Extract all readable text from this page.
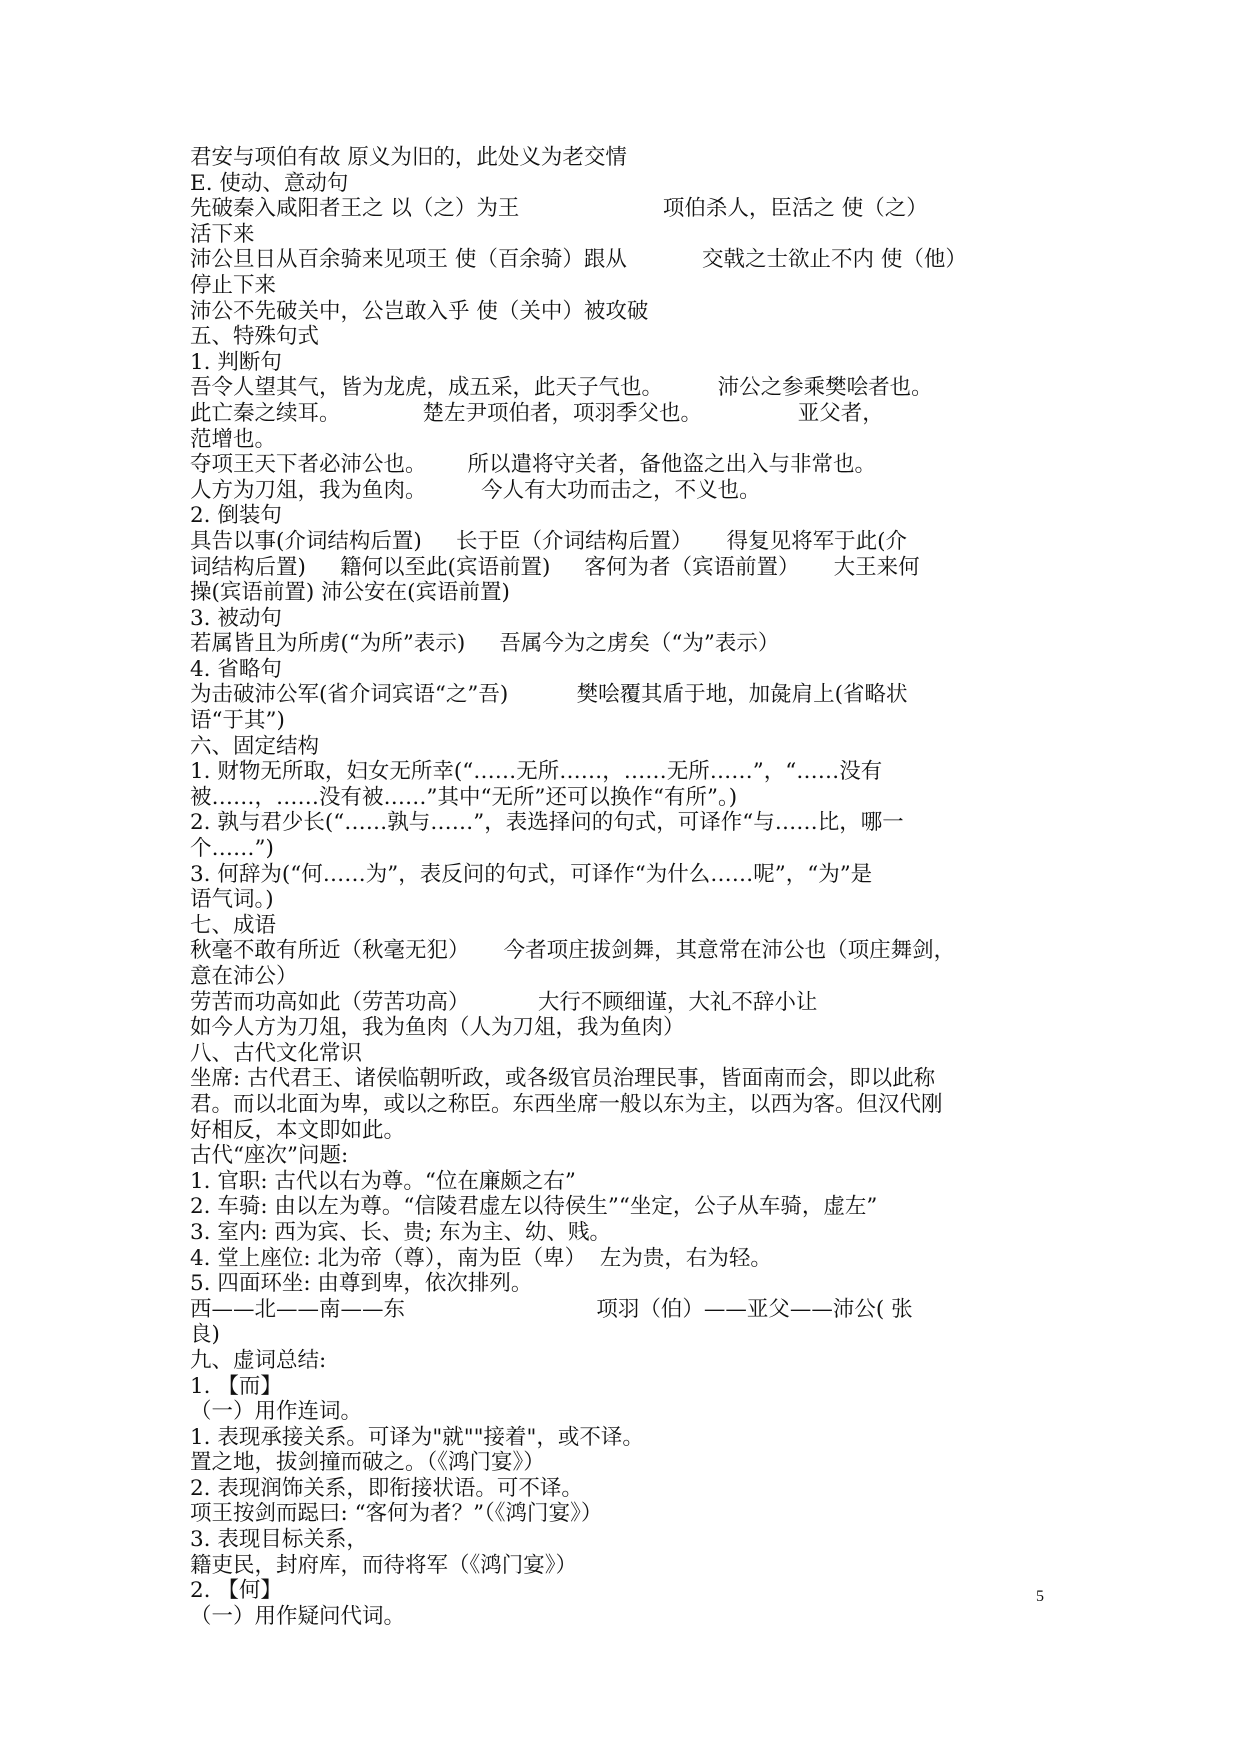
君安与项伯有故 原义为旧的，此处义为老交情
E. 使动、意动句
先破秦入咸阳者王之 以（之）为王                     项伯杀人，臣活之 使（之）
活下来
沛公旦日从百余骑来见项王 使（百余骑）跟从           交戟之士欲止不内 使（他）
停止下来
沛公不先破关中，公岂敢入乎 使（关中）被攻破
五、特殊句式
1. 判断句
吾令人望其气，皆为龙虎，成五采，此天子气也。        沛公之参乘樊哙者也。
此亡秦之续耳。            楚左尹项伯者，项羽季父也。              亚父者，
范增也。
夺项王天下者必沛公也。      所以遣将守关者，备他盗之出入与非常也。
人方为刀俎，我为鱼肉。        今人有大功而击之，不义也。
2. 倒装句
具告以事(介词结构后置)     长于臣（介词结构后置）     得复见将军于此(介
词结构后置)     籍何以至此(宾语前置)     客何为者（宾语前置）     大王来何
操(宾语前置) 沛公安在(宾语前置)
3. 被动句
若属皆且为所虏(“为所”表示)     吾属今为之虏矣（“为”表示）
4. 省略句
为击破沛公军(省介词宾语“之”吾)          樊哙覆其盾于地，加彘肩上(省略状
语“于其”)
六、固定结构
1. 财物无所取，妇女无所幸(“……无所……，……无所……”，“……没有
被……，……没有被……”其中“无所”还可以换作“有所”。)
2. 孰与君少长(“……孰与……”，表选择问的句式，可译作“与……比，哪一
个……”)
3. 何辞为(“何……为”，表反问的句式，可译作“为什么……呢”，“为”是
语气词。)
七、成语
秋毫不敢有所近（秋毫无犯）     今者项庄拔剑舞，其意常在沛公也（项庄舞剑，
意在沛公）
劳苦而功高如此（劳苦功高）          大行不顾细谨，大礼不辞小让
如今人方为刀俎，我为鱼肉（人为刀俎，我为鱼肉）
八、古代文化常识
坐席: 古代君王、诸侯临朝听政，或各级官员治理民事，皆面南而会，即以此称
君。而以北面为卑，或以之称臣。东西坐席一般以东为主，以西为客。但汉代刚
好相反，本文即如此。
古代“座次”问题:
1. 官职: 古代以右为尊。“位在廉颇之右”
2. 车骑: 由以左为尊。“信陵君虚左以待侯生”“坐定，公子从车骑，虚左”
3. 室内: 西为宾、长、贵; 东为主、幼、贱。
4. 堂上座位: 北为帝（尊），南为臣（卑）  左为贵，右为轻。
5. 四面环坐: 由尊到卑，依次排列。
西——北——南——东                            项羽（伯）——亚父——沛公( 张
良)
九、虚词总结:
1. 【而】
（一）用作连词。
1. 表现承接关系。可译为"就""接着"，或不译。
置之地，拔剑撞而破之。（《鸿门宴》）
2. 表现润饰关系，即衔接状语。可不译。
项王按剑而跽曰: “客何为者？”（《鸿门宴》）
3. 表现目标关系，
籍吏民，封府库，而待将军（《鸿门宴》）
2. 【何】
（一）用作疑问代词。
5
